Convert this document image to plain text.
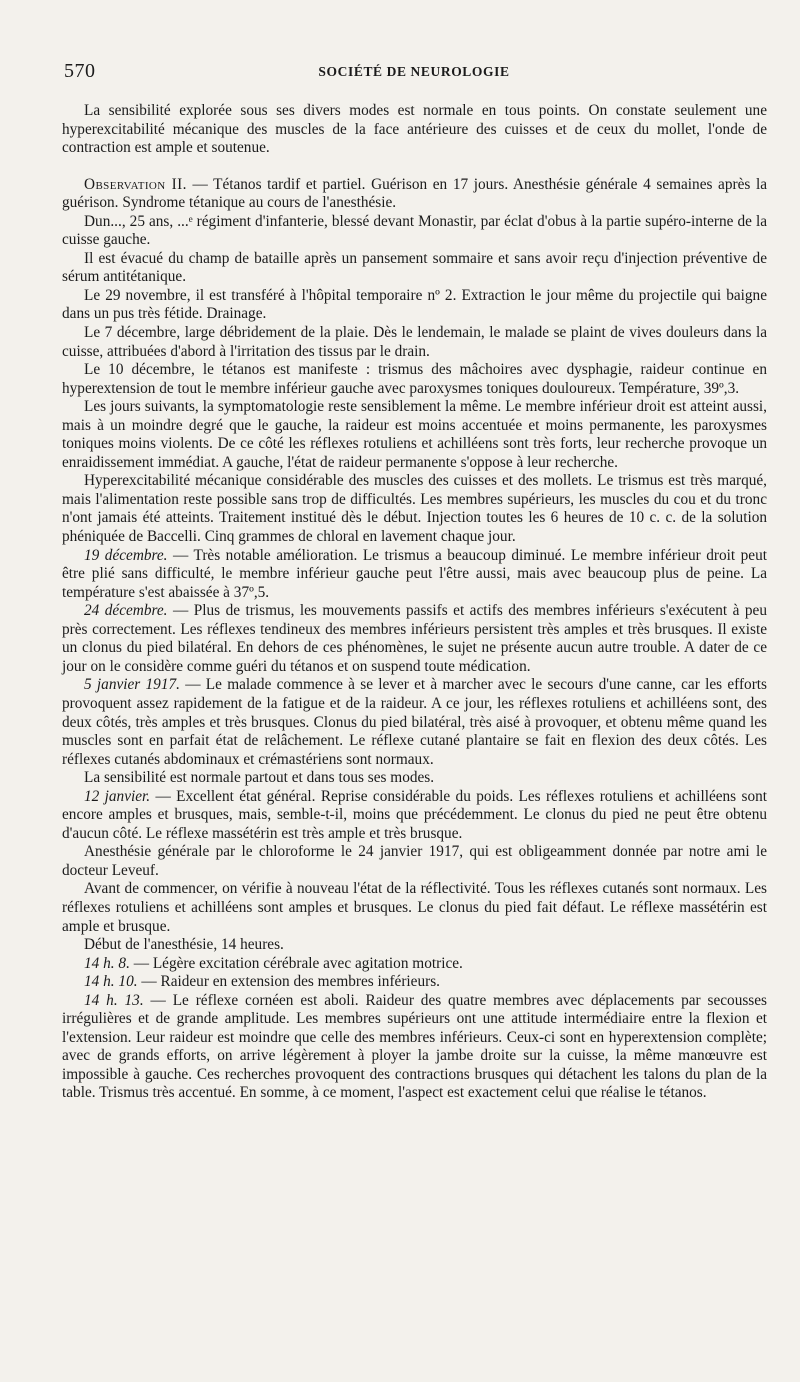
570	SOCIÉTÉ DE NEUROLOGIE

La sensibilité explorée sous ses divers modes est normale en tous points. On constate seulement une hyperexcitabilité mécanique des muscles de la face antérieure des cuisses et de ceux du mollet, l'onde de contraction est ample et soutenue.

Observation II. — Tétanos tardif et partiel. Guérison en 17 jours. Anesthésie générale 4 semaines après la guérison. Syndrome tétanique au cours de l'anesthésie.

Dun..., 25 ans, ...ᵉ régiment d'infanterie, blessé devant Monastir, par éclat d'obus à la partie supéro-interne de la cuisse gauche.

Il est évacué du champ de bataille après un pansement sommaire et sans avoir reçu d'injection préventive de sérum antitétanique.

Le 29 novembre, il est transféré à l'hôpital temporaire nº 2. Extraction le jour même du projectile qui baigne dans un pus très fétide. Drainage.

Le 7 décembre, large débridement de la plaie. Dès le lendemain, le malade se plaint de vives douleurs dans la cuisse, attribuées d'abord à l'irritation des tissus par le drain.

Le 10 décembre, le tétanos est manifeste : trismus des mâchoires avec dysphagie, raideur continue en hyperextension de tout le membre inférieur gauche avec paroxysmes toniques douloureux. Température, 39º,3.

Les jours suivants, la symptomatologie reste sensiblement la même. Le membre inférieur droit est atteint aussi, mais à un moindre degré que le gauche, la raideur est moins accentuée et moins permanente, les paroxysmes toniques moins violents. De ce côté les réflexes rotuliens et achilléens sont très forts, leur recherche provoque un enraidissement immédiat. A gauche, l'état de raideur permanente s'oppose à leur recherche.

Hyperexcitabilité mécanique considérable des muscles des cuisses et des mollets. Le trismus est très marqué, mais l'alimentation reste possible sans trop de difficultés. Les membres supérieurs, les muscles du cou et du tronc n'ont jamais été atteints. Traitement institué dès le début. Injection toutes les 6 heures de 10 c. c. de la solution phéniquée de Baccelli. Cinq grammes de chloral en lavement chaque jour.

19 décembre. — Très notable amélioration. Le trismus a beaucoup diminué. Le membre inférieur droit peut être plié sans difficulté, le membre inférieur gauche peut l'être aussi, mais avec beaucoup plus de peine. La température s'est abaissée à 37º,5.

24 décembre. — Plus de trismus, les mouvements passifs et actifs des membres inférieurs s'exécutent à peu près correctement. Les réflexes tendineux des membres inférieurs persistent très amples et très brusques. Il existe un clonus du pied bilatéral. En dehors de ces phénomènes, le sujet ne présente aucun autre trouble. A dater de ce jour on le considère comme guéri du tétanos et on suspend toute médication.

5 janvier 1917. — Le malade commence à se lever et à marcher avec le secours d'une canne, car les efforts provoquent assez rapidement de la fatigue et de la raideur. A ce jour, les réflexes rotuliens et achilléens sont, des deux côtés, très amples et très brusques. Clonus du pied bilatéral, très aisé à provoquer, et obtenu même quand les muscles sont en parfait état de relâchement. Le réflexe cutané plantaire se fait en flexion des deux côtés. Les réflexes cutanés abdominaux et crémastériens sont normaux.

La sensibilité est normale partout et dans tous ses modes.

12 janvier. — Excellent état général. Reprise considérable du poids. Les réflexes rotuliens et achilléens sont encore amples et brusques, mais, semble-t-il, moins que précédemment. Le clonus du pied ne peut être obtenu d'aucun côté. Le réflexe massétérin est très ample et très brusque.

Anesthésie générale par le chloroforme le 24 janvier 1917, qui est obligeamment donnée par notre ami le docteur Leveuf.

Avant de commencer, on vérifie à nouveau l'état de la réflectivité. Tous les réflexes cutanés sont normaux. Les réflexes rotuliens et achilléens sont amples et brusques. Le clonus du pied fait défaut. Le réflexe massétérin est ample et brusque.

Début de l'anesthésie, 14 heures.

14 h. 8. — Légère excitation cérébrale avec agitation motrice.

14 h. 10. — Raideur en extension des membres inférieurs.

14 h. 13. — Le réflexe cornéen est aboli. Raideur des quatre membres avec déplacements par secousses irrégulières et de grande amplitude. Les membres supérieurs ont une attitude intermédiaire entre la flexion et l'extension. Leur raideur est moindre que celle des membres inférieurs. Ceux-ci sont en hyperextension complète; avec de grands efforts, on arrive légèrement à ployer la jambe droite sur la cuisse, la même manœuvre est impossible à gauche. Ces recherches provoquent des contractions brusques qui détachent les talons du plan de la table. Trismus très accentué. En somme, à ce moment, l'aspect est exactement celui que réalise le tétanos.
